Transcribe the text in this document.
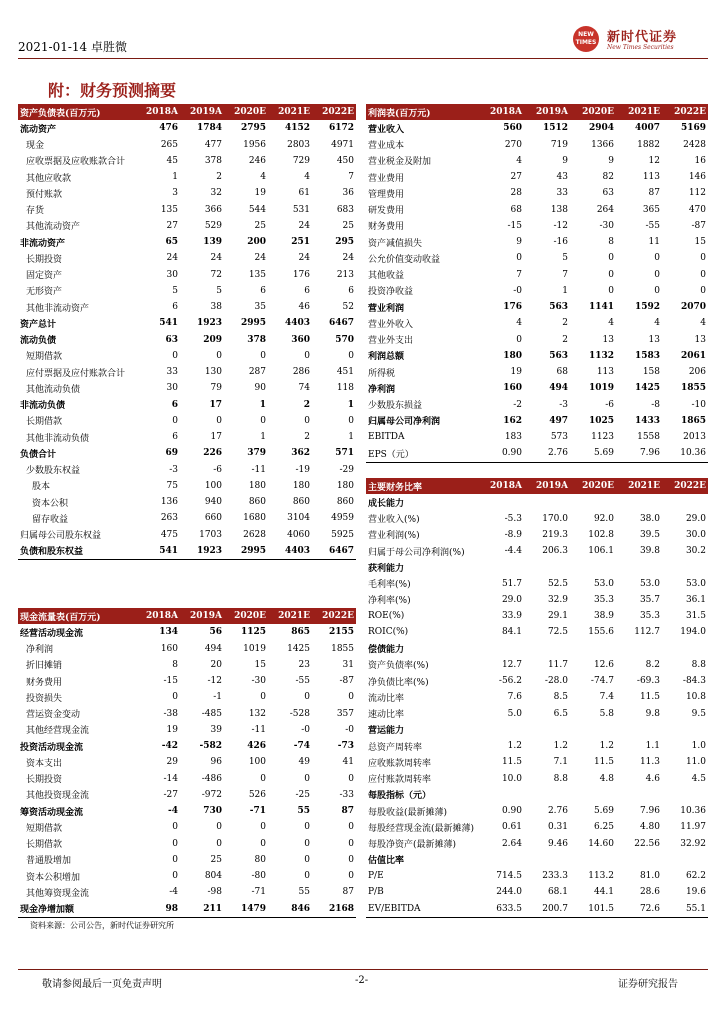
2021-01-14 卓胜微
NEW TIMES 新时代证券
New Times Securities
附：财务预测摘要
资产负债表(百万元)	2018A	2019A	2020E	2021E	2022E
流动资产	476	1784	2795	4152	6172
现金	265	477	1956	2803	4971
应收票据及应收账款合计	45	378	246	729	450
其他应收款	1	2	4	4	7
预付账款	3	32	19	61	36
存货	135	366	544	531	683
其他流动资产	27	529	25	24	25
非流动资产	65	139	200	251	295
长期投资	24	24	24	24	24
固定资产	30	72	135	176	213
无形资产	5	5	6	6	6
其他非流动资产	6	38	35	46	52
资产总计	541	1923	2995	4403	6467
流动负债	63	209	378	360	570
短期借款	0	0	0	0	0
应付票据及应付账款合计	33	130	287	286	451
其他流动负债	30	79	90	74	118
非流动负债	6	17	1	2	1
长期借款	0	0	0	0	0
其他非流动负债	6	17	1	2	1
负债合计	69	226	379	362	571
少数股东权益	-3	-6	-11	-19	-29
股本	75	100	180	180	180
资本公积	136	940	860	860	860
留存收益	263	660	1680	3104	4959
归属母公司股东权益	475	1703	2628	4060	5925
负债和股东权益	541	1923	2995	4403	6467
现金流量表(百万元)	2018A	2019A	2020E	2021E	2022E
经营活动现金流	134	56	1125	865	2155
净利润	160	494	1019	1425	1855
折旧摊销	8	20	15	23	31
财务费用	-15	-12	-30	-55	-87
投资损失	0	-1	0	0	0
营运资金变动	-38	-485	132	-528	357
其他经营现金流	19	39	-11	-0	-0
投资活动现金流	-42	-582	426	-74	-73
资本支出	29	96	100	49	41
长期投资	-14	-486	0	0	0
其他投资现金流	-27	-972	526	-25	-33
筹资活动现金流	-4	730	-71	55	87
短期借款	0	0	0	0	0
长期借款	0	0	0	0	0
普通股增加	0	25	80	0	0
资本公积增加	0	804	-80	0	0
其他筹资现金流	-4	-98	-71	55	87
现金净增加额	98	211	1479	846	2168
利润表(百万元)	2018A	2019A	2020E	2021E	2022E
营业收入	560	1512	2904	4007	5169
营业成本	270	719	1366	1882	2428
营业税金及附加	4	9	9	12	16
营业费用	27	43	82	113	146
管理费用	28	33	63	87	112
研发费用	68	138	264	365	470
财务费用	-15	-12	-30	-55	-87
资产减值损失	9	-16	8	11	15
公允价值变动收益	0	5	0	0	0
其他收益	7	7	0	0	0
投资净收益	-0	1	0	0	0
营业利润	176	563	1141	1592	2070
营业外收入	4	2	4	4	4
营业外支出	0	2	13	13	13
利润总额	180	563	1132	1583	2061
所得税	19	68	113	158	206
净利润	160	494	1019	1425	1855
少数股东损益	-2	-3	-6	-8	-10
归属母公司净利润	162	497	1025	1433	1865
EBITDA	183	573	1123	1558	2013
EPS（元）	0.90	2.76	5.69	7.96	10.36
主要财务比率	2018A	2019A	2020E	2021E	2022E
成长能力					
营业收入(%)	-5.3	170.0	92.0	38.0	29.0
营业利润(%)	-8.9	219.3	102.8	39.5	30.0
归属于母公司净利润(%)	-4.4	206.3	106.1	39.8	30.2
获利能力					
毛利率(%)	51.7	52.5	53.0	53.0	53.0
净利率(%)	29.0	32.9	35.3	35.7	36.1
ROE(%)	33.9	29.1	38.9	35.3	31.5
ROIC(%)	84.1	72.5	155.6	112.7	194.0
偿债能力					
资产负债率(%)	12.7	11.7	12.6	8.2	8.8
净负债比率(%)	-56.2	-28.0	-74.7	-69.3	-84.3
流动比率	7.6	8.5	7.4	11.5	10.8
速动比率	5.0	6.5	5.8	9.8	9.5
营运能力					
总资产周转率	1.2	1.2	1.2	1.1	1.0
应收账款周转率	11.5	7.1	11.5	11.3	11.0
应付账款周转率	10.0	8.8	4.8	4.6	4.5
每股指标（元）					
每股收益(最新摊薄)	0.90	2.76	5.69	7.96	10.36
每股经营现金流(最新摊薄)	0.61	0.31	6.25	4.80	11.97
每股净资产(最新摊薄)	2.64	9.46	14.60	22.56	32.92
估值比率					
P/E	714.5	233.3	113.2	81.0	62.2
P/B	244.0	68.1	44.1	28.6	19.6
EV/EBITDA	633.5	200.7	101.5	72.6	55.1
资料来源：公司公告，新时代证券研究所
敬请参阅最后一页免责声明	-2-	证券研究报告
